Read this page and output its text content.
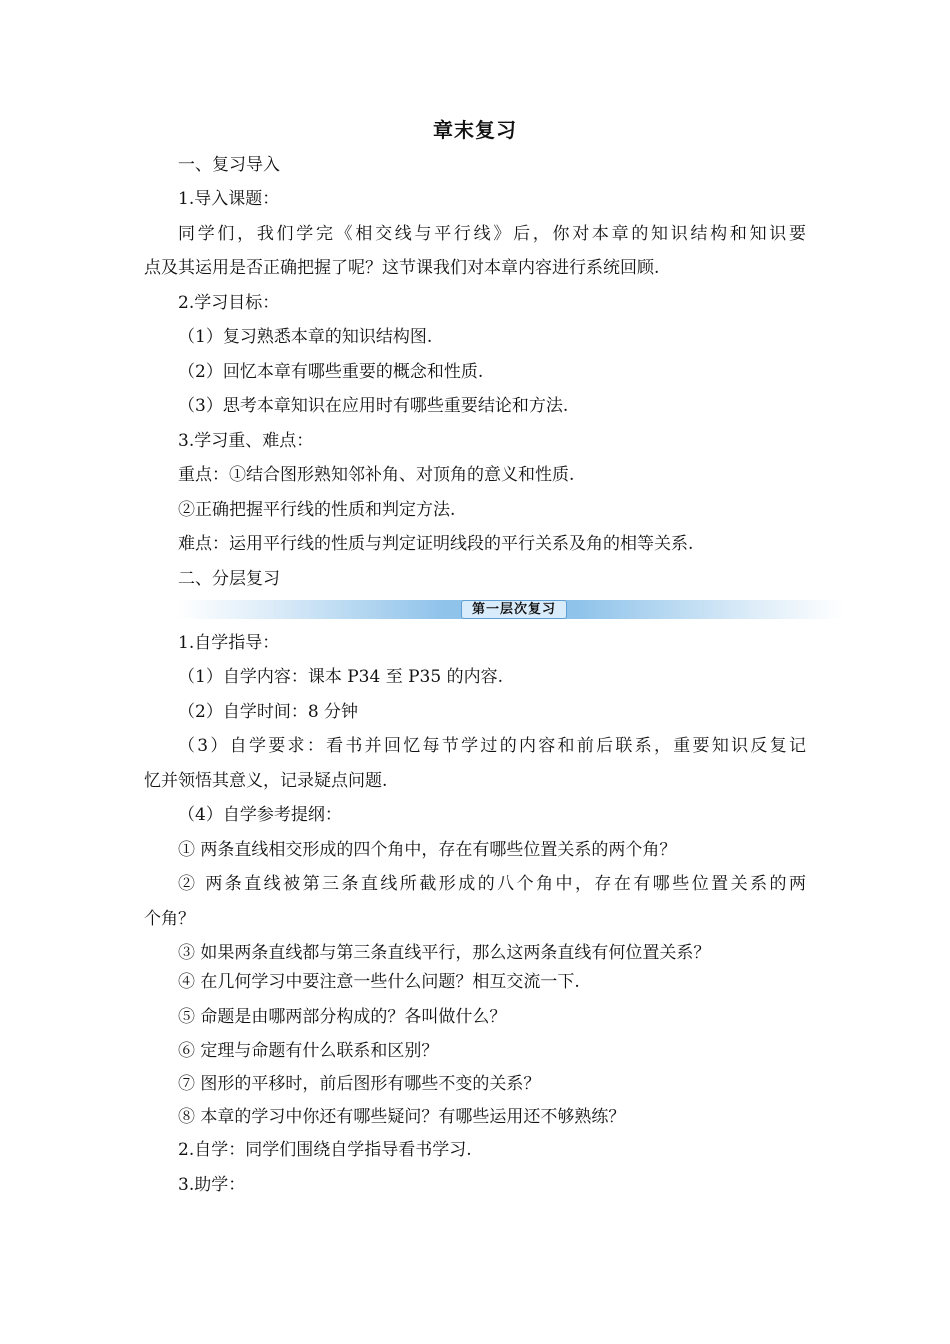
章末复习
一、复习导入
1.导入课题：
同学们，我们学完《相交线与平行线》后，你对本章的知识结构和知识要
点及其运用是否正确把握了呢？这节课我们对本章内容进行系统回顾.
2.学习目标：
（1）复习熟悉本章的知识结构图.
（2）回忆本章有哪些重要的概念和性质.
（3）思考本章知识在应用时有哪些重要结论和方法.
3.学习重、难点：
重点：①结合图形熟知邻补角、对顶角的意义和性质.
②正确把握平行线的性质和判定方法.
难点：运用平行线的性质与判定证明线段的平行关系及角的相等关系.
二、分层复习
第一层次复习
1.自学指导：
（1）自学内容：课本 P34 至 P35 的内容.
（2）自学时间：8 分钟
（3）自学要求：看书并回忆每节学过的内容和前后联系，重要知识反复记
忆并领悟其意义，记录疑点问题.
（4）自学参考提纲：
① 两条直线相交形成的四个角中，存在有哪些位置关系的两个角？
② 两条直线被第三条直线所截形成的八个角中，存在有哪些位置关系的两
个角？
③ 如果两条直线都与第三条直线平行，那么这两条直线有何位置关系？
④ 在几何学习中要注意一些什么问题？相互交流一下.
⑤ 命题是由哪两部分构成的？各叫做什么？
⑥ 定理与命题有什么联系和区别？
⑦ 图形的平移时，前后图形有哪些不变的关系？
⑧ 本章的学习中你还有哪些疑问？有哪些运用还不够熟练？
2.自学：同学们围绕自学指导看书学习.
3.助学：
